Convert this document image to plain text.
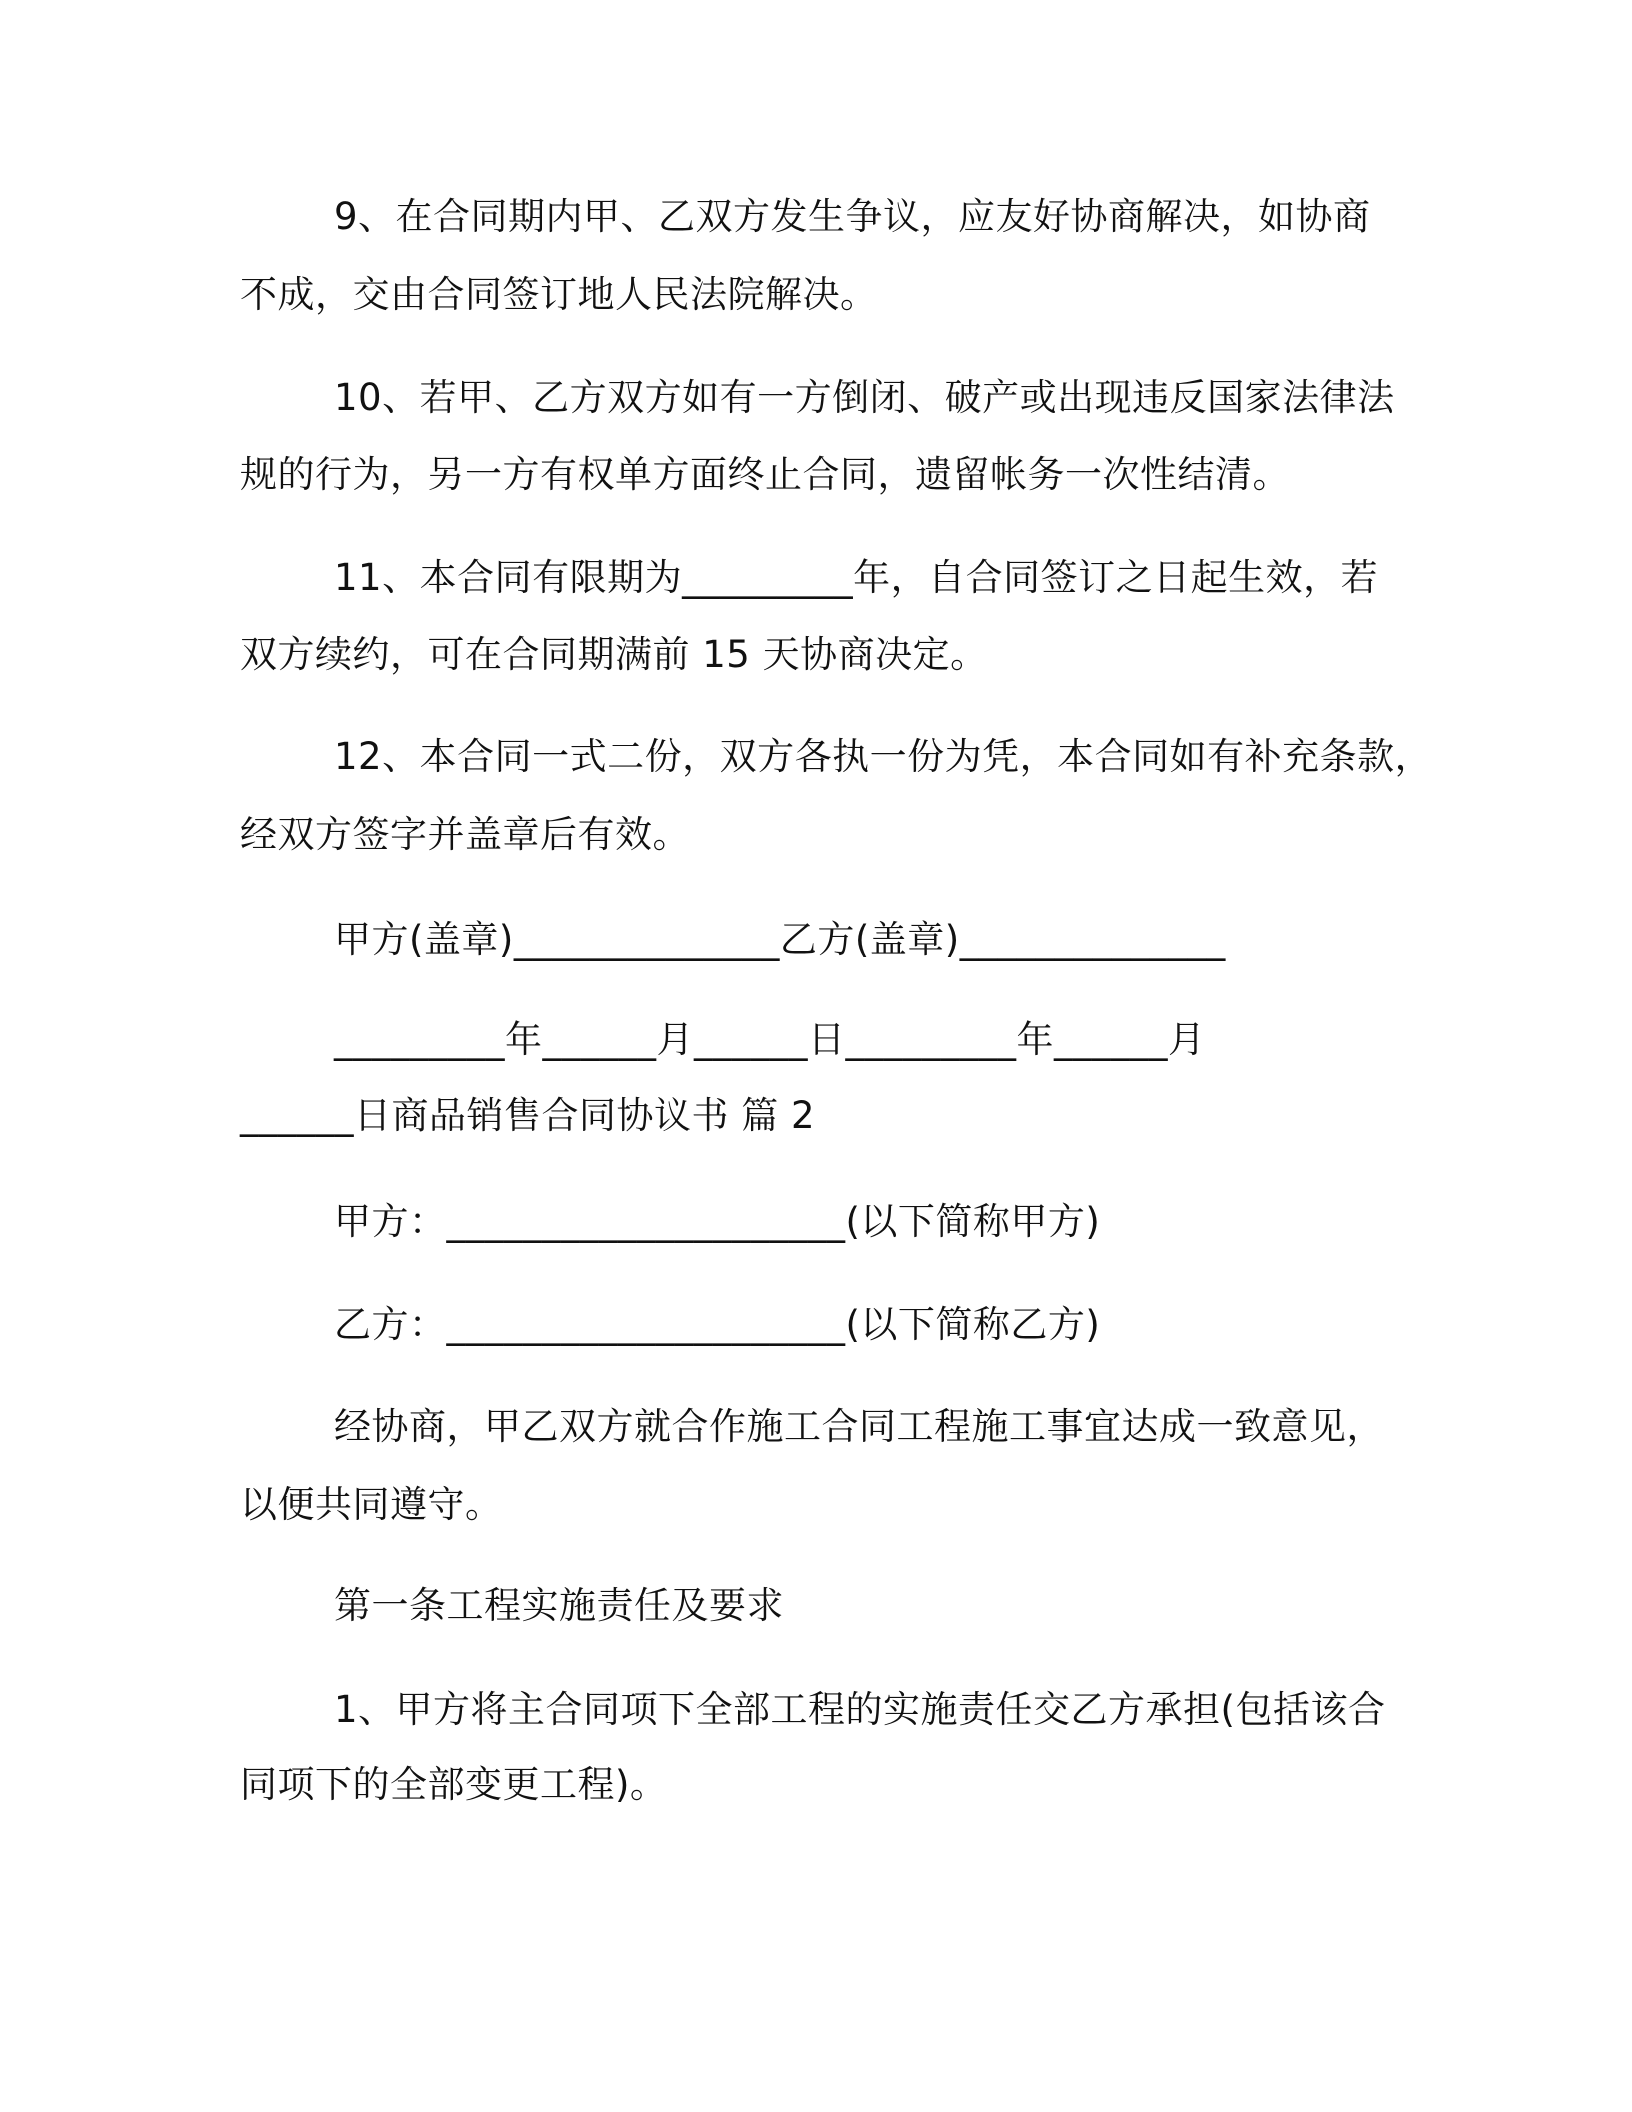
9、在合同期内甲、乙双方发生争议，应友好协商解决，如协商
不成，交由合同签订地人民法院解决。
10、若甲、乙方双方如有一方倒闭、破产或出现违反国家法律法
规的行为，另一方有权单方面终止合同，遗留帐务一次性结清。
11、本合同有限期为_________年，自合同签订之日起生效，若
双方续约，可在合同期满前 15 天协商决定。
12、本合同一式二份，双方各执一份为凭，本合同如有补充条款，
经双方签字并盖章后有效。
甲方(盖章)______________乙方(盖章)______________
_________年______月______日_________年______月
______日商品销售合同协议书 篇 2
甲方：_____________________(以下简称甲方)
乙方：_____________________(以下简称乙方)
经协商，甲乙双方就合作施工合同工程施工事宜达成一致意见，
以便共同遵守。
第一条工程实施责任及要求
1、甲方将主合同项下全部工程的实施责任交乙方承担(包括该合
同项下的全部变更工程)。
